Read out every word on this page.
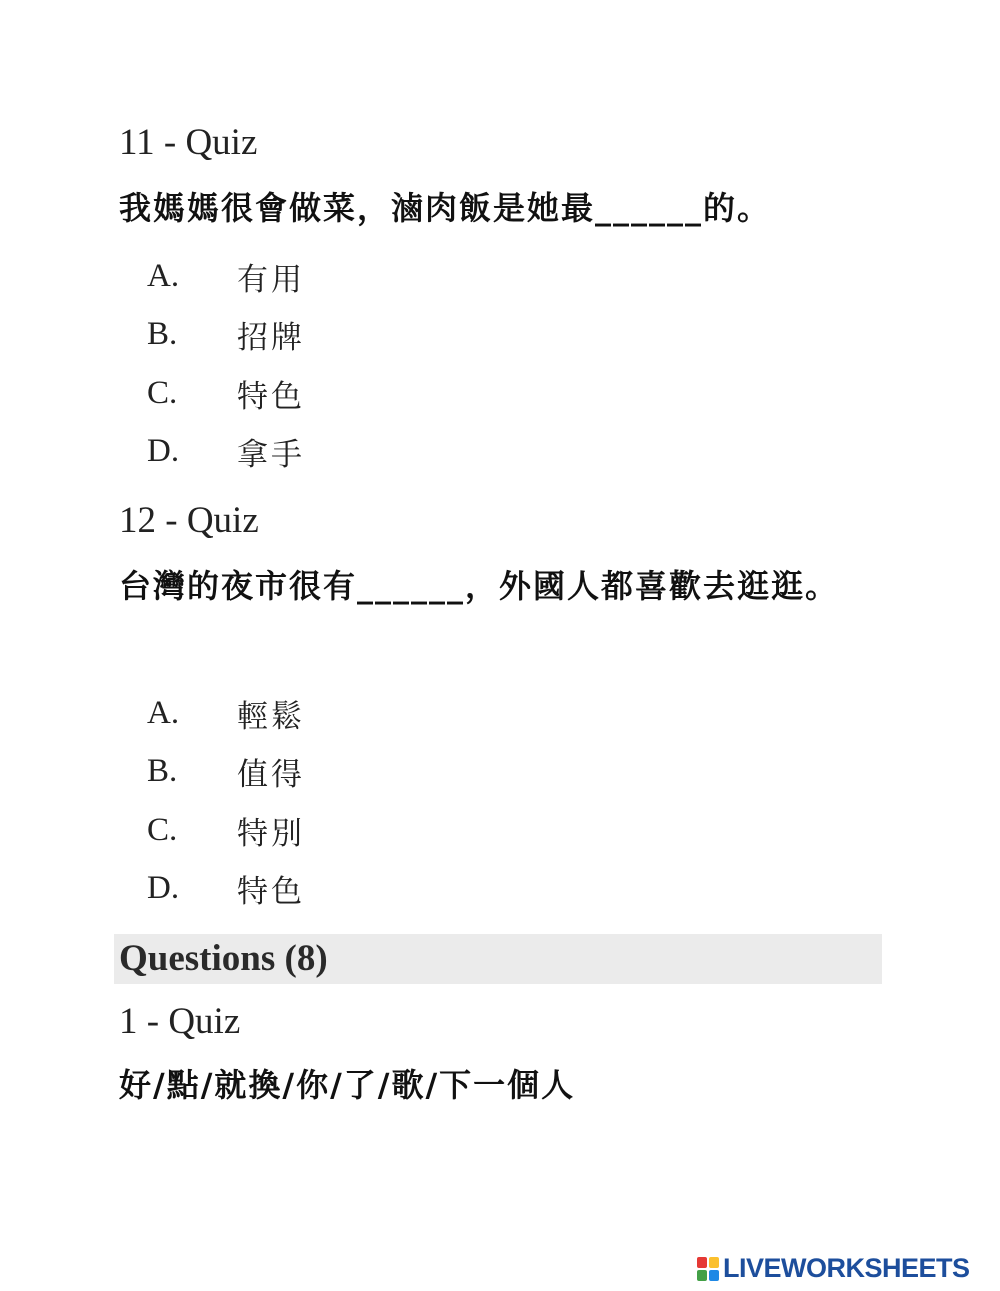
11 - Quiz
我媽媽很會做菜，滷肉飯是她最______的。
A.	有用
B.	招牌
C.	特色
D.	拿手
12 - Quiz
台灣的夜市很有______，外國人都喜歡去逛逛。
A.	輕鬆
B.	值得
C.	特別
D.	特色
Questions (8)
1 - Quiz
好/點/就換/你/了/歌/下一個人
LIVEWORKSHEETS
